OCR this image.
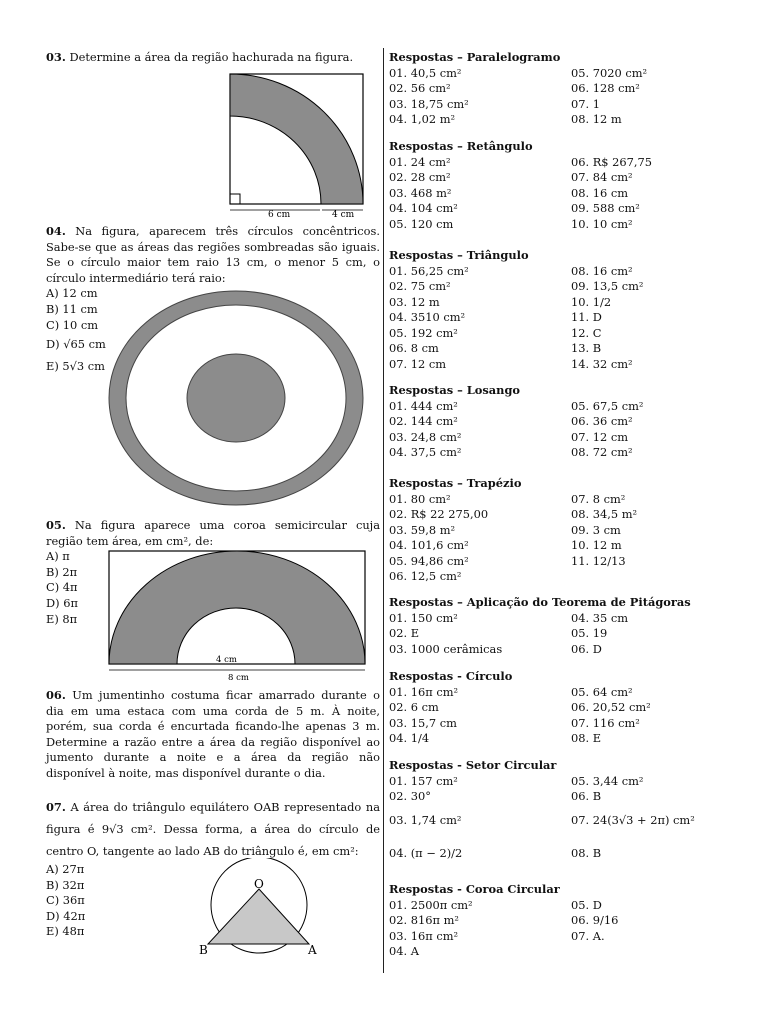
03. Determine a área da região hachurada na figura.
6 cm	4 cm
04. Na figura, aparecem três círculos concêntricos. Sabe-se que as áreas das regiões sombreadas são iguais. Se o círculo maior tem raio 13 cm, o menor 5 cm, o círculo intermediário terá raio:
A) 12 cm
B) 11 cm
C) 10 cm
D) √65 cm
E) 5√3 cm
05. Na figura aparece uma coroa semicircular cuja região tem área, em cm², de:
A) π
B) 2π
C) 4π
D) 6π
E) 8π
4 cm
8 cm
06. Um jumentinho costuma ficar amarrado durante o dia em uma estaca com uma corda de 5 m. À noite, porém, sua corda é encurtada ficando-lhe apenas 3 m. Determine a razão entre a área da região disponível ao jumento durante a noite e a área da região não disponível à noite, mas disponível durante o dia.
07. A área do triângulo equilátero OAB representado na figura é 9√3 cm². Dessa forma, a área do círculo de centro O, tangente ao lado AB do triângulo é, em cm²:
A) 27π
B) 32π
C) 36π
D) 42π
E) 48π
O
B	A
Respostas – Paralelogramo
01. 40,5 cm²	05. 7020 cm²
02. 56 cm²	06. 128 cm²
03. 18,75 cm²	07. 1
04. 1,02 m²	08. 12 m
Respostas – Retângulo
01. 24 cm²	06. R$ 267,75
02. 28 cm²	07. 84 cm²
03. 468 m²	08. 16 cm
04. 104 cm²	09. 588 cm²
05. 120 cm	10. 10 cm²
Respostas – Triângulo
01. 56,25 cm²	08. 16 cm²
02. 75 cm²	09. 13,5 cm²
03. 12 m	10. 1/2
04. 3510 cm²	11. D
05. 192 cm²	12. C
06. 8 cm	13. B
07. 12 cm	14. 32 cm²
Respostas – Losango
01. 444 cm²	05. 67,5 cm²
02. 144 cm²	06. 36 cm²
03. 24,8 cm²	07. 12 cm
04. 37,5 cm²	08. 72 cm²
Respostas – Trapézio
01. 80 cm²	07. 8 cm²
02. R$ 22 275,00	08. 34,5 m²
03. 59,8 m²	09. 3 cm
04. 101,6 cm²	10. 12 m
05. 94,86 cm²	11. 12/13
06. 12,5 cm²
Respostas – Aplicação do Teorema de Pitágoras
01. 150 cm²	04. 35 cm
02. E	05. 19
03. 1000 cerâmicas	06. D
Respostas - Círculo
01. 16π cm²	05. 64 cm²
02. 6 cm	06. 20,52 cm²
03. 15,7 cm	07. 116 cm²
04. 1/4	08. E
Respostas - Setor Circular
01. 157 cm²	05. 3,44 cm²
02. 30°	06. B
03. 1,74 cm²	07. 24(3√3 + 2π) cm²
04. (π − 2)/2	08. B
Respostas - Coroa Circular
01. 2500π cm²	05. D
02. 816π m²	06. 9/16
03. 16π cm²	07. A.
04. A
